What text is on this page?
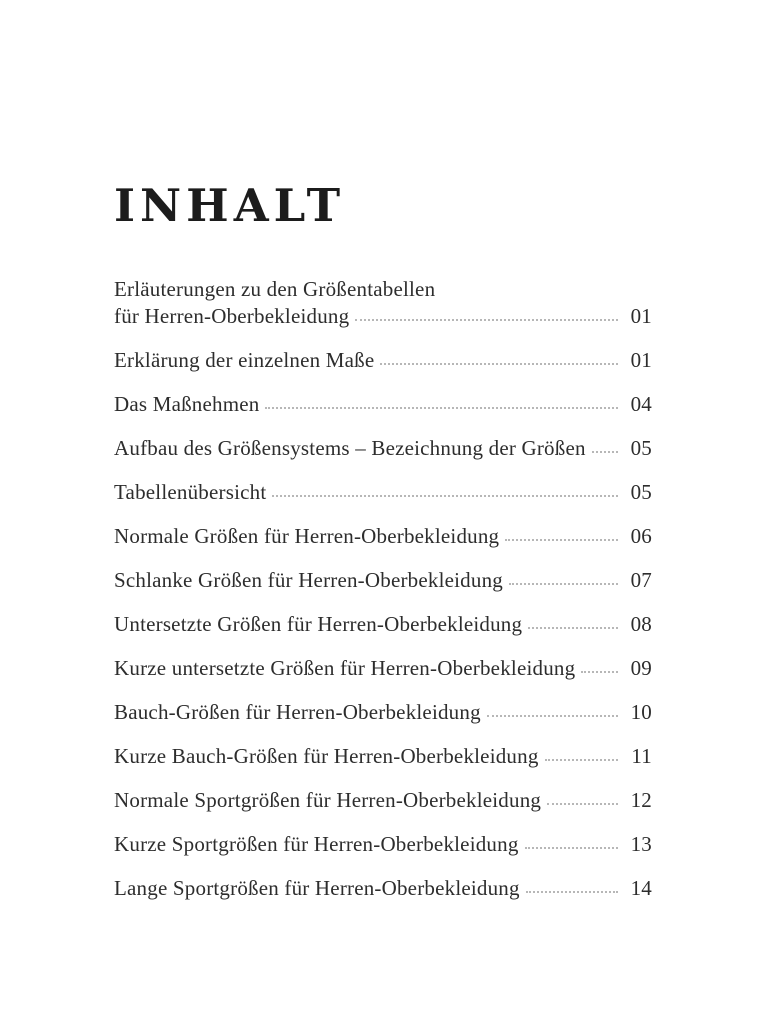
INHALT
Erläuterungen zu den Größentabellen
für Herren-Oberbekleidung	01
Erklärung der einzelnen Maße	01
Das Maßnehmen	04
Aufbau des Größensystems – Bezeichnung der Größen	05
Tabellenübersicht	05
Normale Größen für Herren-Oberbekleidung	06
Schlanke Größen für Herren-Oberbekleidung	07
Untersetzte Größen für Herren-Oberbekleidung	08
Kurze untersetzte Größen für Herren-Oberbekleidung	09
Bauch-Größen für Herren-Oberbekleidung	10
Kurze Bauch-Größen für Herren-Oberbekleidung	11
Normale Sportgrößen für Herren-Oberbekleidung	12
Kurze Sportgrößen für Herren-Oberbekleidung	13
Lange Sportgrößen für Herren-Oberbekleidung	14
